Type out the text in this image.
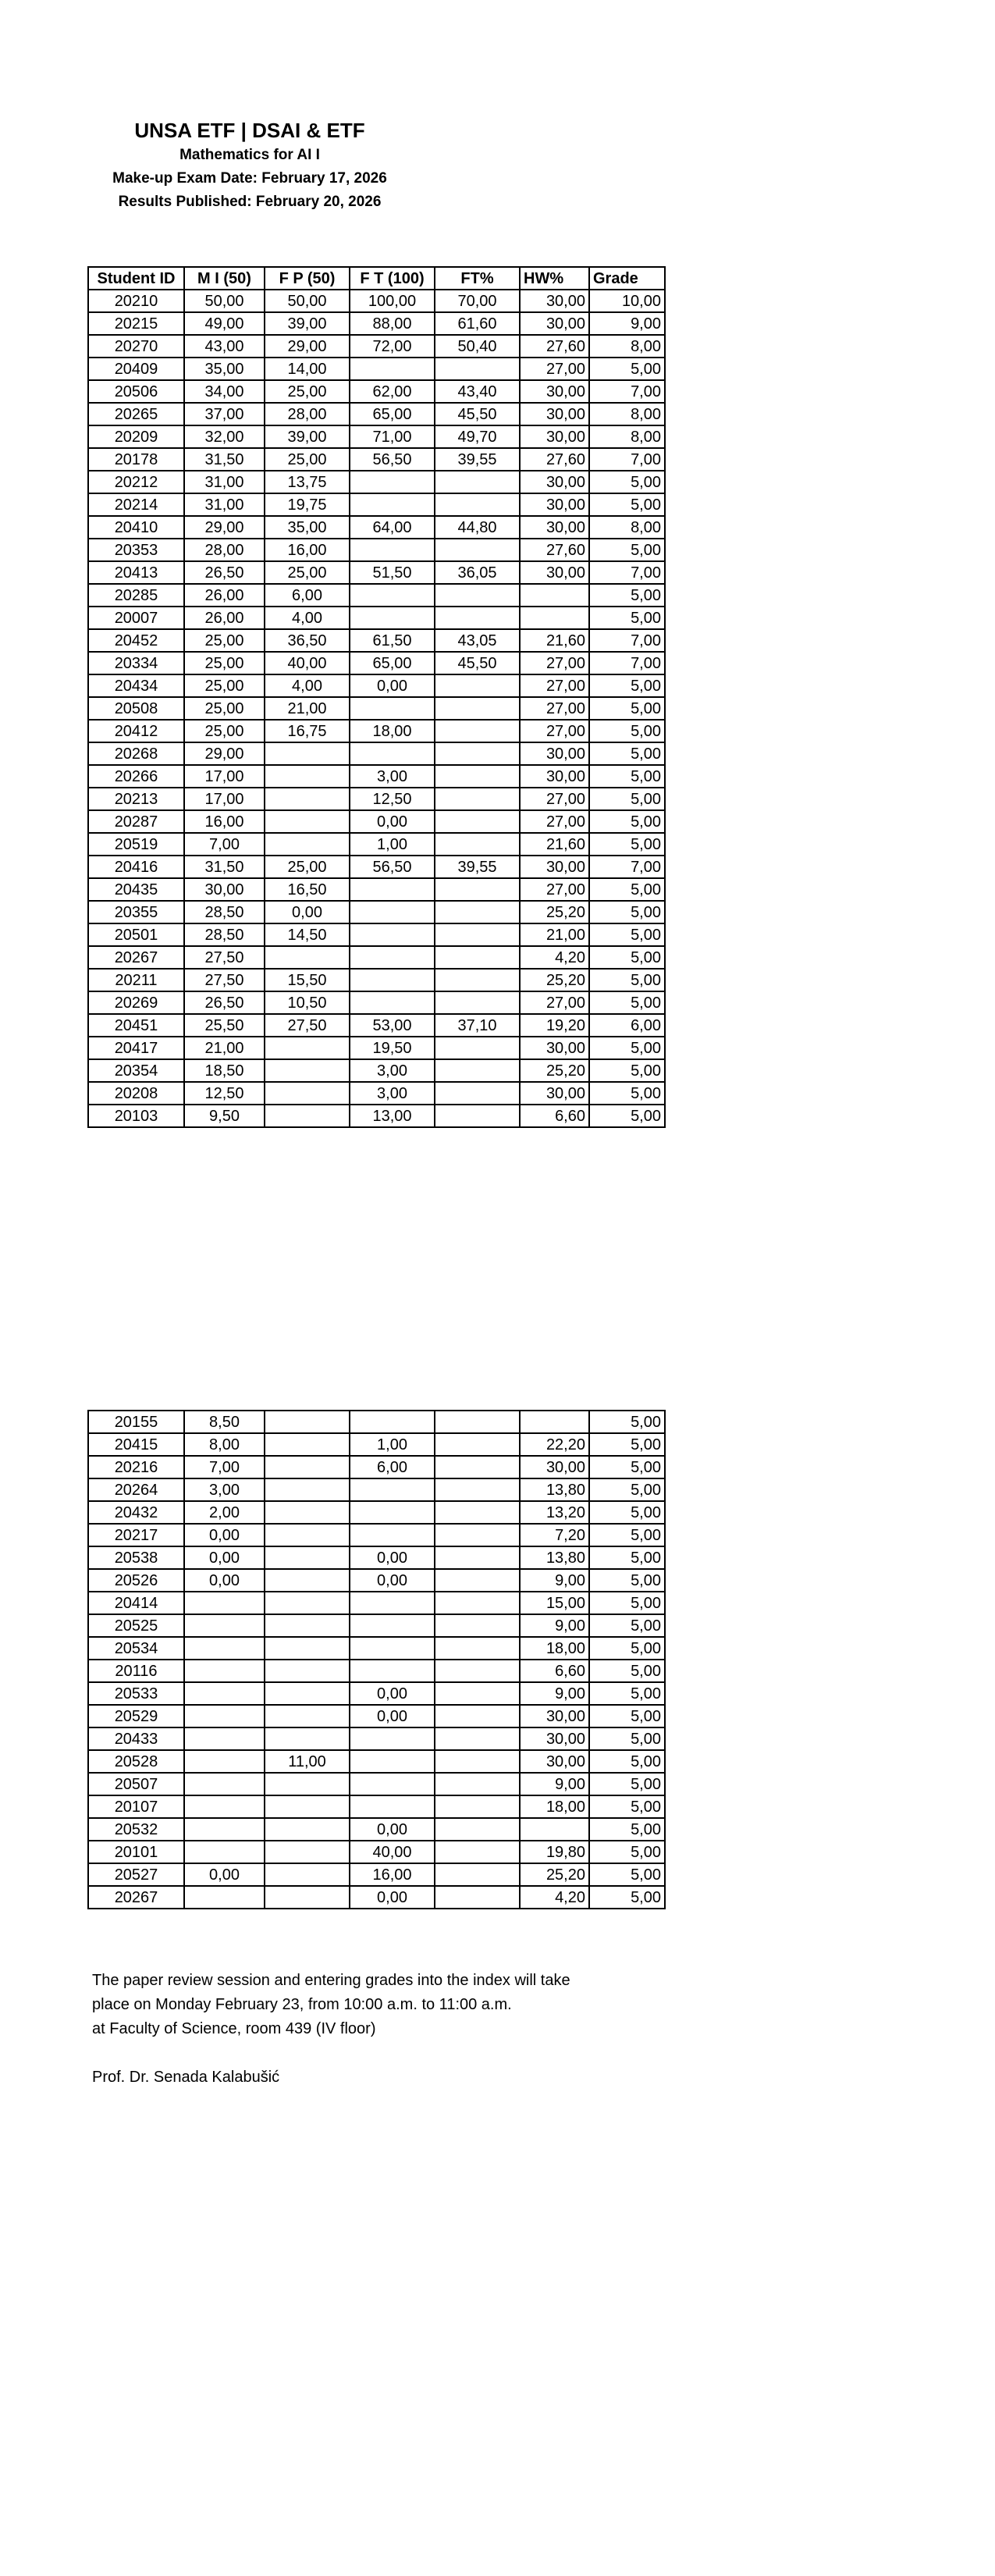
UNSA ETF | DSAI & ETF
Mathematics for AI I
Make-up Exam Date: February 17, 2026
Results Published: February 20, 2026
Student ID	M I (50)	F P (50)	F T (100)	FT%	HW%	Grade
20210	50,00	50,00	100,00	70,00	30,00	10,00
20215	49,00	39,00	88,00	61,60	30,00	9,00
20270	43,00	29,00	72,00	50,40	27,60	8,00
20409	35,00	14,00			27,00	5,00
20506	34,00	25,00	62,00	43,40	30,00	7,00
20265	37,00	28,00	65,00	45,50	30,00	8,00
20209	32,00	39,00	71,00	49,70	30,00	8,00
20178	31,50	25,00	56,50	39,55	27,60	7,00
20212	31,00	13,75			30,00	5,00
20214	31,00	19,75			30,00	5,00
20410	29,00	35,00	64,00	44,80	30,00	8,00
20353	28,00	16,00			27,60	5,00
20413	26,50	25,00	51,50	36,05	30,00	7,00
20285	26,00	6,00				5,00
20007	26,00	4,00				5,00
20452	25,00	36,50	61,50	43,05	21,60	7,00
20334	25,00	40,00	65,00	45,50	27,00	7,00
20434	25,00	4,00	0,00		27,00	5,00
20508	25,00	21,00			27,00	5,00
20412	25,00	16,75	18,00		27,00	5,00
20268	29,00				30,00	5,00
20266	17,00		3,00		30,00	5,00
20213	17,00		12,50		27,00	5,00
20287	16,00		0,00		27,00	5,00
20519	7,00		1,00		21,60	5,00
20416	31,50	25,00	56,50	39,55	30,00	7,00
20435	30,00	16,50			27,00	5,00
20355	28,50	0,00			25,20	5,00
20501	28,50	14,50			21,00	5,00
20267	27,50				4,20	5,00
20211	27,50	15,50			25,20	5,00
20269	26,50	10,50			27,00	5,00
20451	25,50	27,50	53,00	37,10	19,20	6,00
20417	21,00		19,50		30,00	5,00
20354	18,50		3,00		25,20	5,00
20208	12,50		3,00		30,00	5,00
20103	9,50		13,00		6,60	5,00
20155	8,50					5,00
20415	8,00		1,00		22,20	5,00
20216	7,00		6,00		30,00	5,00
20264	3,00				13,80	5,00
20432	2,00				13,20	5,00
20217	0,00				7,20	5,00
20538	0,00		0,00		13,80	5,00
20526	0,00		0,00		9,00	5,00
20414					15,00	5,00
20525					9,00	5,00
20534					18,00	5,00
20116					6,60	5,00
20533			0,00		9,00	5,00
20529			0,00		30,00	5,00
20433					30,00	5,00
20528		11,00			30,00	5,00
20507					9,00	5,00
20107					18,00	5,00
20532			0,00			5,00
20101			40,00		19,80	5,00
20527	0,00		16,00		25,20	5,00
20267			0,00		4,20	5,00

The paper review session and entering grades into the index will take

place on Monday February 23, from 10:00 a.m. to 11:00 a.m.

at Faculty of Science, room 439 (IV floor)

Prof. Dr. Senada Kalabušić
